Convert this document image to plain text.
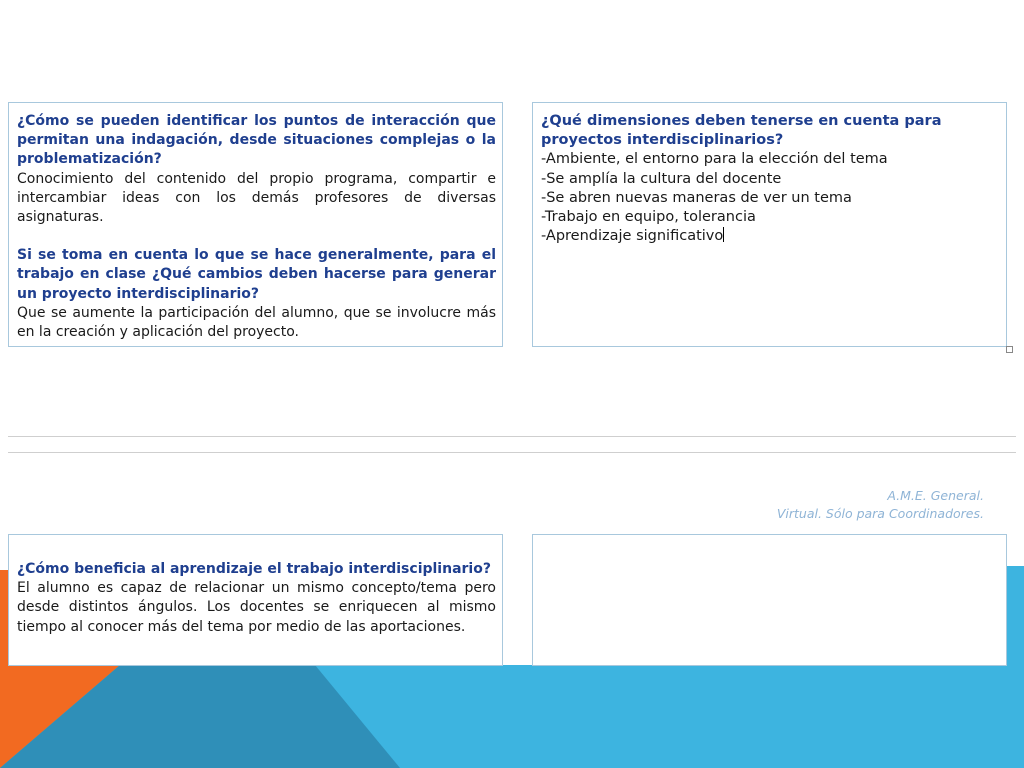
¿Cómo se pueden identificar los puntos de interacción que permitan una indagación, desde situaciones complejas o la problematización?

Conocimiento del contenido del propio programa, compartir e intercambiar ideas con los demás profesores de diversas asignaturas.

Si se toma en cuenta lo que se hace generalmente, para el trabajo en clase ¿Qué cambios deben hacerse para generar un proyecto interdisciplinario?

Que se aumente la participación del alumno, que se involucre más en la creación y aplicación del proyecto.

¿Qué dimensiones deben tenerse en cuenta para proyectos interdisciplinarios?

-Ambiente, el entorno para la elección del tema

-Se amplía la cultura del docente

-Se abren nuevas maneras de ver un tema

-Trabajo en equipo, tolerancia

-Aprendizaje significativo

A.M.E. General.
Virtual. Sólo para Coordinadores.

¿Cómo beneficia al aprendizaje el trabajo interdisciplinario?

El alumno es capaz de relacionar un mismo concepto/tema pero desde distintos ángulos. Los docentes se enriquecen al mismo tiempo al conocer más del tema por medio de las aportaciones.
